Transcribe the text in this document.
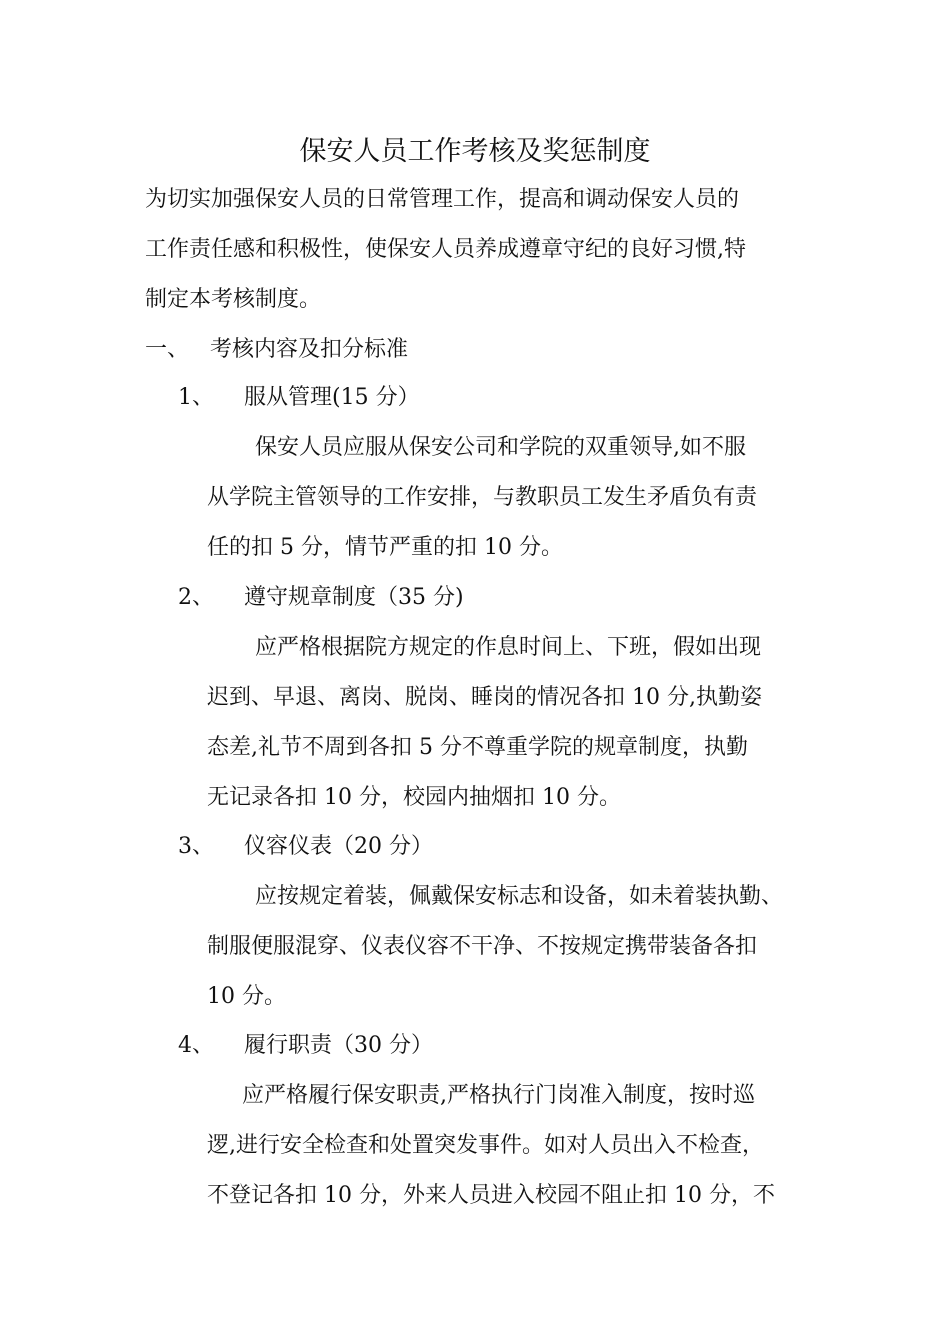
保安人员工作考核及奖惩制度
为切实加强保安人员的日常管理工作，提高和调动保安人员的
工作责任感和积极性，使保安人员养成遵章守纪的良好习惯,特
制定本考核制度。
一、 考核内容及扣分标准
1、 服从管理(15 分）
保安人员应服从保安公司和学院的双重领导,如不服
从学院主管领导的工作安排，与教职员工发生矛盾负有责
任的扣 5 分，情节严重的扣 10 分。
2、 遵守规章制度（35 分)
应严格根据院方规定的作息时间上、下班，假如出现
迟到、早退、离岗、脱岗、睡岗的情况各扣 10 分,执勤姿
态差,礼节不周到各扣 5 分不尊重学院的规章制度，执勤
无记录各扣 10 分，校园内抽烟扣 10 分。
3、 仪容仪表（20 分）
应按规定着装，佩戴保安标志和设备，如未着装执勤、
制服便服混穿、仪表仪容不干净、不按规定携带装备各扣
10 分。
4、 履行职责（30 分）
应严格履行保安职责,严格执行门岗准入制度，按时巡
逻,进行安全检查和处置突发事件。如对人员出入不检查，
不登记各扣 10 分，外来人员进入校园不阻止扣 10 分，不
